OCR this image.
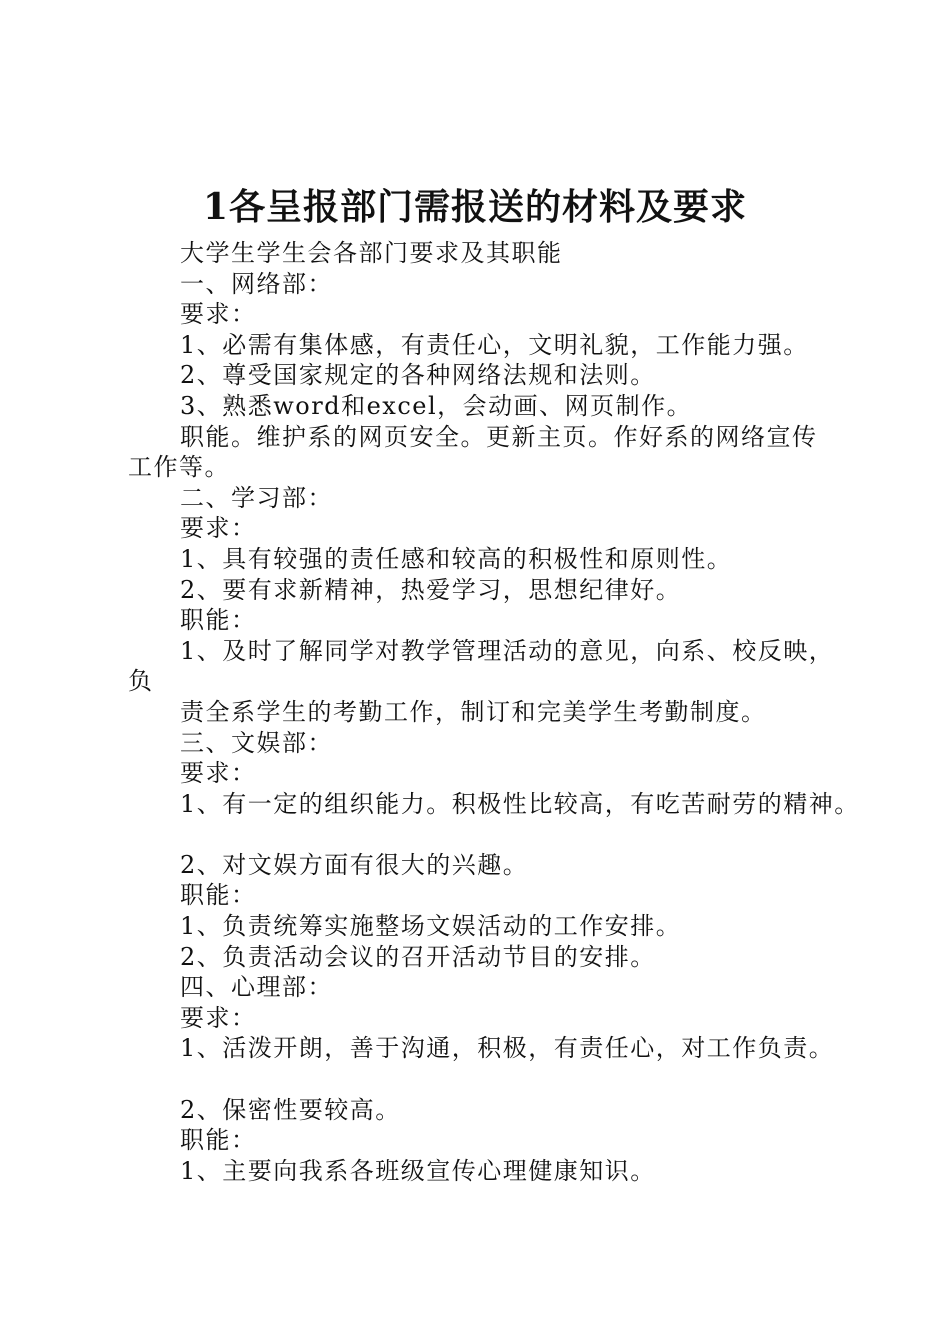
1各呈报部门需报送的材料及要求
大学生学生会各部门要求及其职能
一、网络部：
要求：
1、必需有集体感，有责任心，文明礼貌，工作能力强。
2、尊受国家规定的各种网络法规和法则。
3、熟悉word和excel，会动画、网页制作。
职能。维护系的网页安全。更新主页。作好系的网络宣传
工作等。
二、学习部：
要求：
1、具有较强的责任感和较高的积极性和原则性。
2、要有求新精神，热爱学习，思想纪律好。
职能：
1、及时了解同学对教学管理活动的意见，向系、校反映，
负
责全系学生的考勤工作，制订和完美学生考勤制度。
三、文娱部：
要求：
1、有一定的组织能力。积极性比较高，有吃苦耐劳的精神。
2、对文娱方面有很大的兴趣。
职能：
1、负责统筹实施整场文娱活动的工作安排。
2、负责活动会议的召开活动节目的安排。
四、心理部：
要求：
1、活泼开朗，善于沟通，积极，有责任心，对工作负责。
2、保密性要较高。
职能：
1、主要向我系各班级宣传心理健康知识。
